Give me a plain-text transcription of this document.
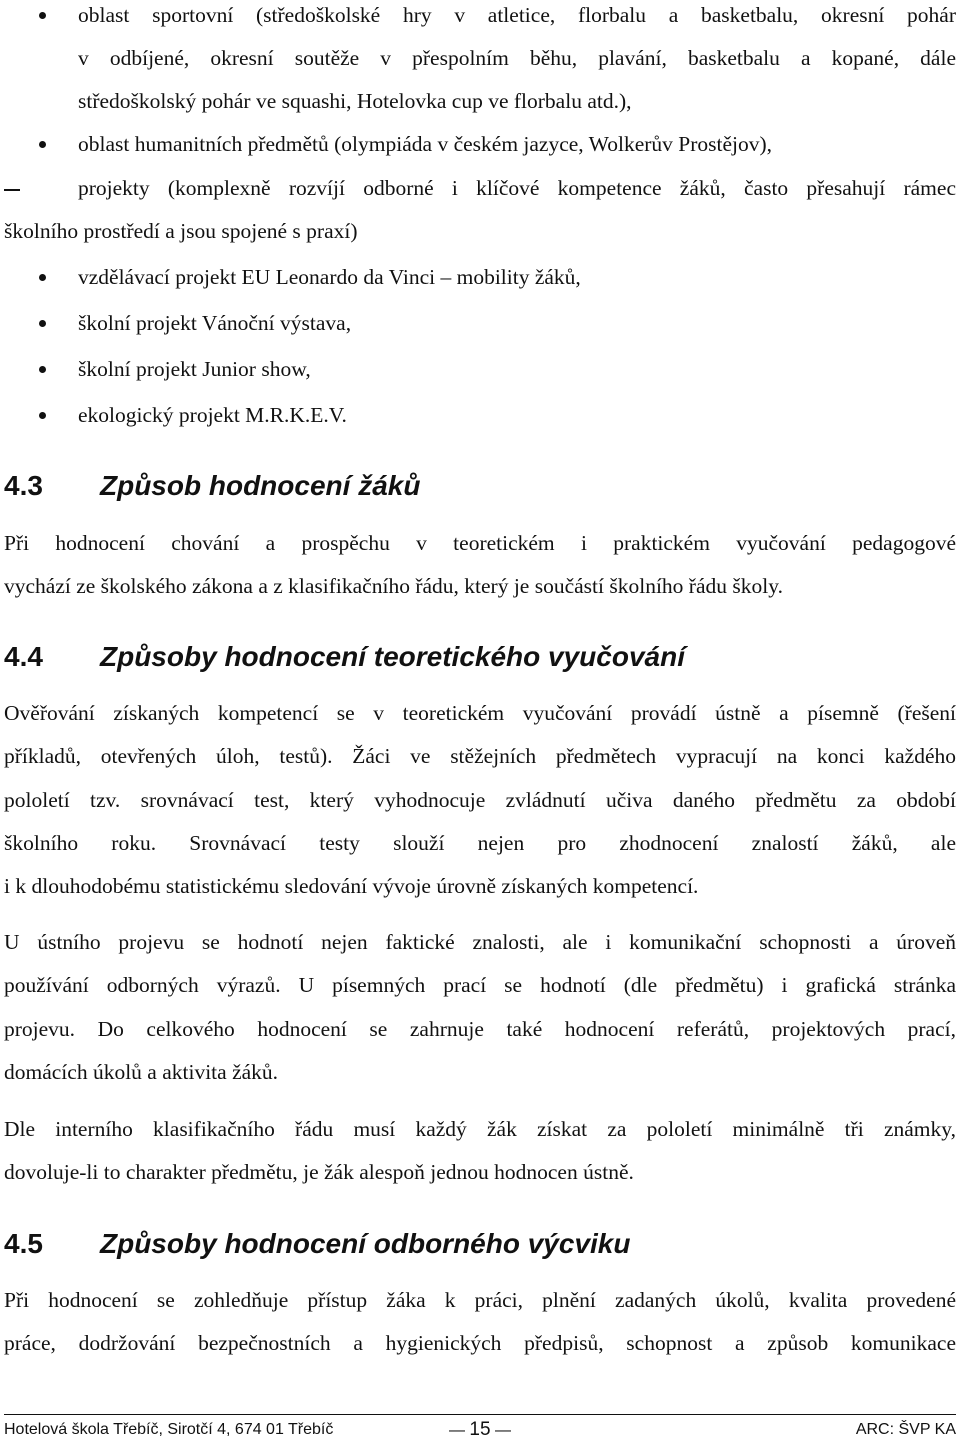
oblast sportovní (středoškolské hry v atletice, florbalu a basketbalu, okresní pohár
v odbíjené, okresní soutěže v přespolním běhu, plavání, basketbalu a kopané, dále
středoškolský pohár ve squashi, Hotelovka cup ve florbalu atd.),
oblast humanitních předmětů (olympiáda v českém jazyce, Wolkerův Prostějov),
projekty (komplexně rozvíjí odborné i klíčové kompetence žáků, často přesahují rámec
školního prostředí a jsou spojené s praxí)
vzdělávací projekt EU Leonardo da Vinci – mobility žáků,
školní projekt Vánoční výstava,
školní projekt Junior show,
ekologický projekt M.R.K.E.V.
4.3 Způsob hodnocení žáků
Při hodnocení chování a prospěchu v teoretickém i praktickém vyučování pedagogové
vychází ze školského zákona a z klasifikačního řádu, který je součástí školního řádu školy.
4.4 Způsoby hodnocení teoretického vyučování
Ověřování získaných kompetencí se v teoretickém vyučování provádí ústně a písemně (řešení
příkladů, otevřených úloh, testů). Žáci ve stěžejních předmětech vypracují na konci každého
pololetí tzv. srovnávací test, který vyhodnocuje zvládnutí učiva daného předmětu za období
školního roku. Srovnávací testy slouží nejen pro zhodnocení znalostí žáků, ale
i k dlouhodobému statistickému sledování vývoje úrovně získaných kompetencí.
U ústního projevu se hodnotí nejen faktické znalosti, ale i komunikační schopnosti a úroveň
používání odborných výrazů. U písemných prací se hodnotí (dle předmětu) i grafická stránka
projevu. Do celkového hodnocení se zahrnuje také hodnocení referátů, projektových prací,
domácích úkolů a aktivita žáků.
Dle interního klasifikačního řádu musí každý žák získat za pololetí minimálně tři známky,
dovoluje-li to charakter předmětu, je žák alespoň jednou hodnocen ústně.
4.5 Způsoby hodnocení odborného výcviku
Při hodnocení se zohledňuje přístup žáka k práci, plnění zadaných úkolů, kvalita provedené
práce, dodržování bezpečnostních a hygienických předpisů, schopnost a způsob komunikace
Hotelová škola Třebíč, Sirotčí 4, 674 01 Třebíč	— 15 —	ARC: ŠVP KA
